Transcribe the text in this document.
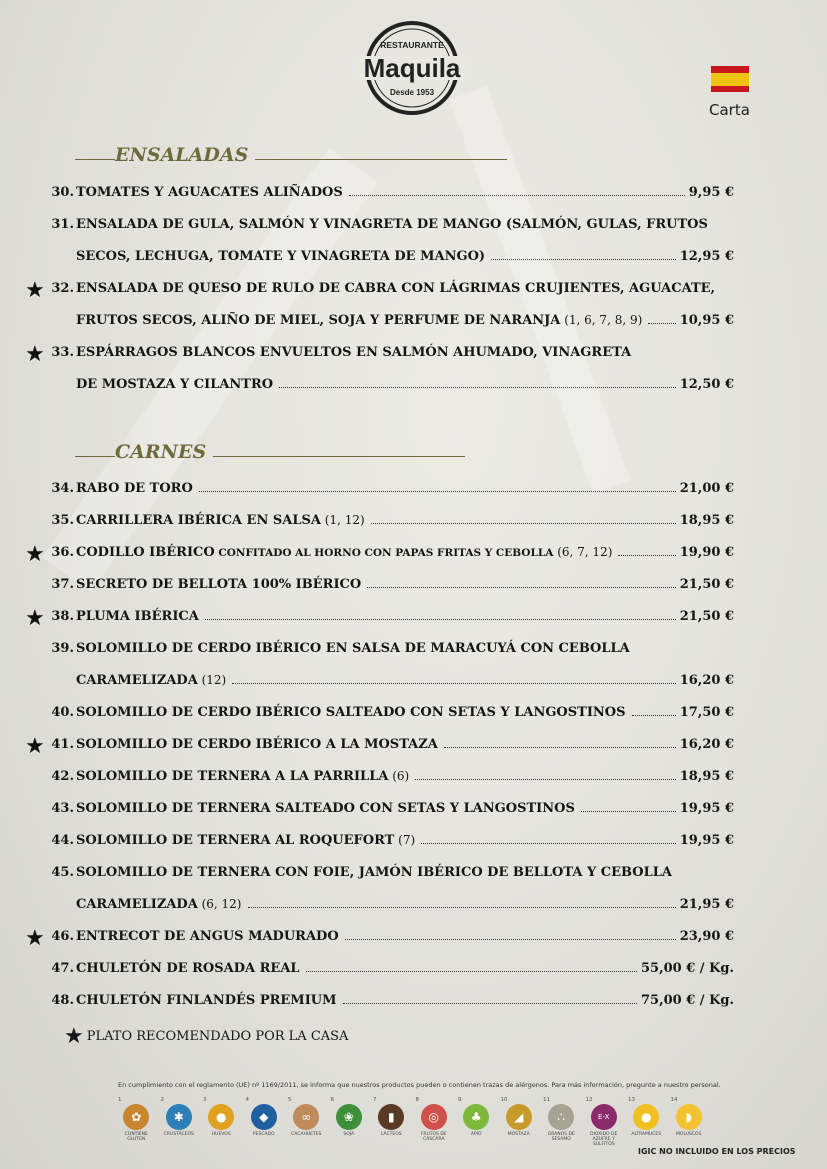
RESTAURANTE
Maquila
Desde 1953
Carta
ENSALADAS
CARNES
30. TOMATES Y AGUACATES ALIÑADOS	9,95 €
31. ENSALADA DE GULA, SALMÓN Y VINAGRETA DE MANGO (SALMÓN, GULAS, FRUTOS
SECOS, LECHUGA, TOMATE Y VINAGRETA DE MANGO)	12,95 €
★ 32. ENSALADA DE QUESO DE RULO DE CABRA CON LÁGRIMAS CRUJIENTES, AGUACATE,
FRUTOS SECOS, ALIÑO DE MIEL, SOJA Y PERFUME DE NARANJA (1, 6, 7, 8, 9)	10,95 €
★ 33. ESPÁRRAGOS BLANCOS ENVUELTOS EN SALMÓN AHUMADO, VINAGRETA
DE MOSTAZA Y CILANTRO	12,50 €
34. RABO DE TORO	21,00 €
35. CARRILLERA IBÉRICA EN SALSA (1, 12)	18,95 €
★ 36. CODILLO IBÉRICO CONFITADO AL HORNO CON PAPAS FRITAS Y CEBOLLA (6, 7, 12)	19,90 €
37. SECRETO DE BELLOTA 100% IBÉRICO	21,50 €
★ 38. PLUMA IBÉRICA	21,50 €
39. SOLOMILLO DE CERDO IBÉRICO EN SALSA DE MARACUYÁ CON CEBOLLA
CARAMELIZADA (12)	16,20 €
40. SOLOMILLO DE CERDO IBÉRICO SALTEADO CON SETAS Y LANGOSTINOS	17,50 €
★ 41. SOLOMILLO DE CERDO IBÉRICO A LA MOSTAZA	16,20 €
42. SOLOMILLO DE TERNERA A LA PARRILLA (6)	18,95 €
43. SOLOMILLO DE TERNERA SALTEADO CON SETAS Y LANGOSTINOS	19,95 €
44. SOLOMILLO DE TERNERA AL ROQUEFORT (7)	19,95 €
45. SOLOMILLO DE TERNERA CON FOIE, JAMÓN IBÉRICO DE BELLOTA Y CEBOLLA
CARAMELIZADA (6, 12)	21,95 €
★ 46. ENTRECOT DE ANGUS MADURADO	23,90 €
47. CHULETÓN DE ROSADA REAL	55,00 € / Kg.
48. CHULETÓN FINLANDÉS PREMIUM	75,00 € / Kg.
★ PLATO RECOMENDADO POR LA CASA
En cumplimiento con el reglamento (UE) nº 1169/2011, se informa que nuestros productos pueden o contienen trazas de alérgenos. Para más información, pregunte a nuestro personal.
1
✿
CONTIENE GLUTEN
2
✱
CRUSTÁCEOS
3
●
HUEVOS
4
◆
PESCADO
5
∞
CACAHUETES
6
❀
SOJA
7
▮
LÁCTEOS
8
◎
FRUTOS DE CÁSCARA
9
♣
APIO
10
◢
MOSTAZA
11
∴
GRANOS DE SÉSAMO
12
E-X
DIÓXIDO DE AZUFRE Y SULFITOS
13
●
ALTRAMUCES
14
◗
MOLUSCOS
IGIC NO INCLUIDO EN LOS PRECIOS
